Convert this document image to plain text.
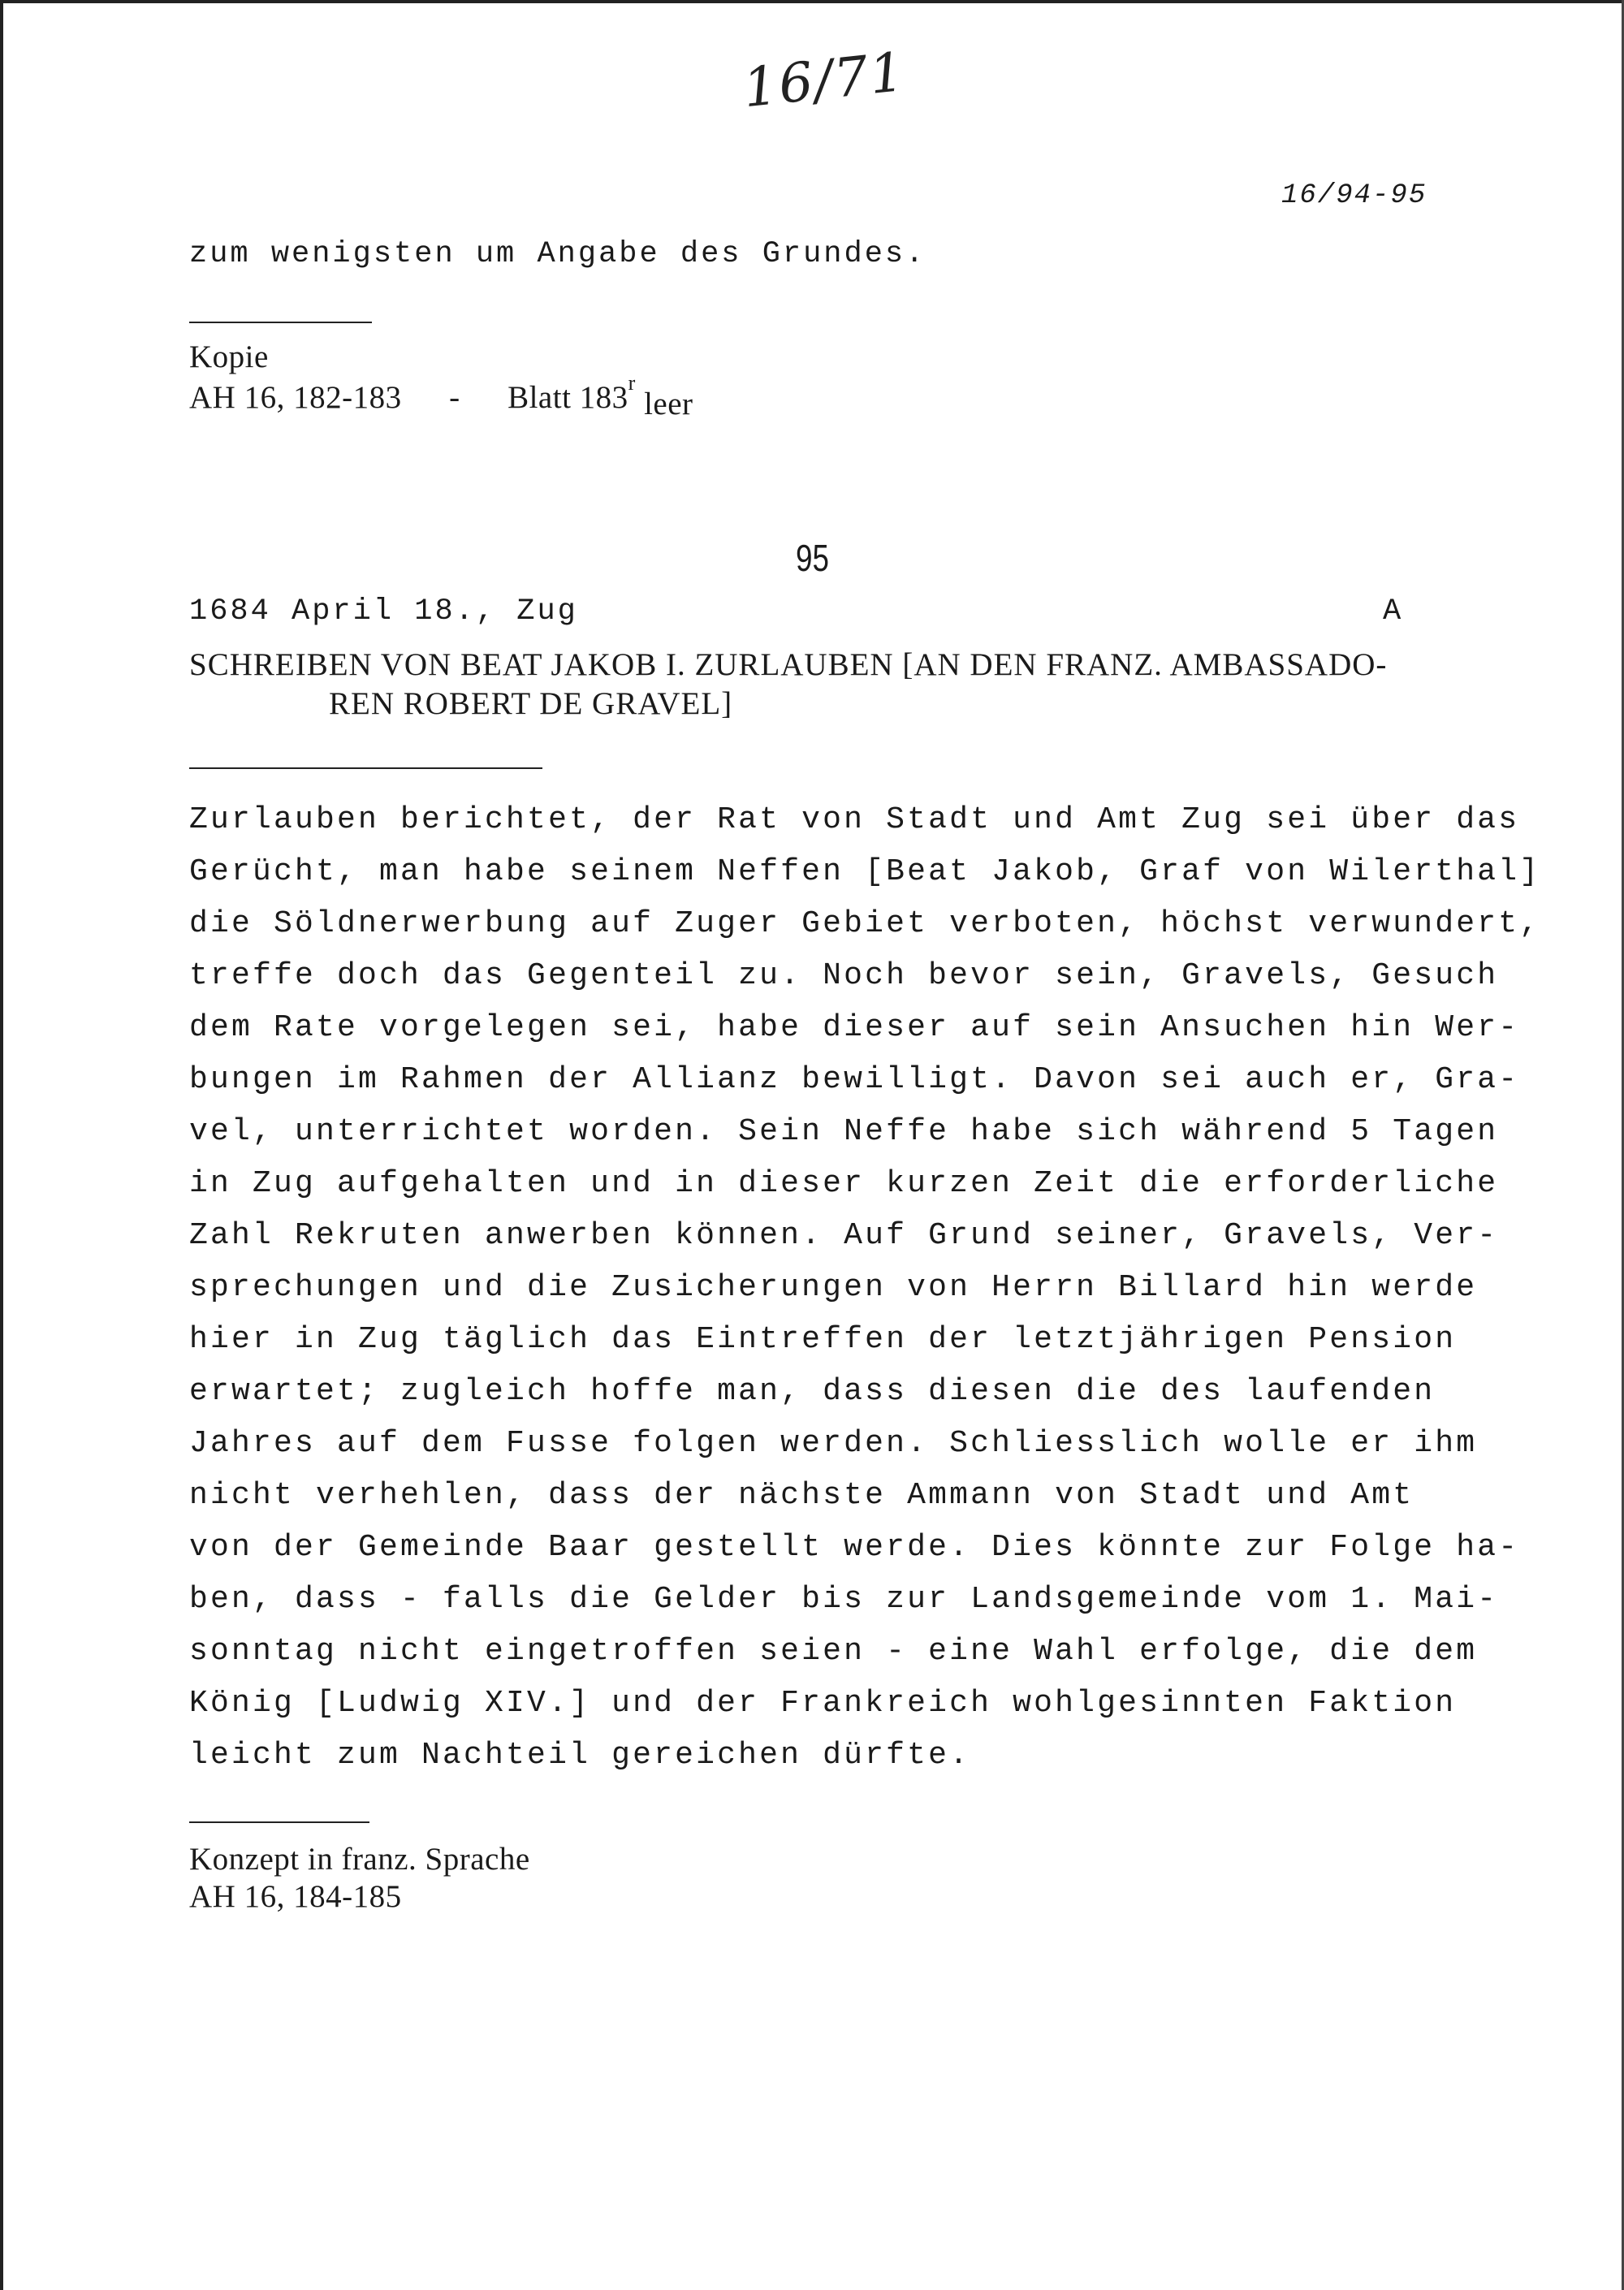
16/71
16/94-95
zum wenigsten um Angabe des Grundes.
Kopie
AH 16, 182-183 - Blatt 183$^r$ leer
95
1684 April 18., Zug	A
SCHREIBEN VON BEAT JAKOB I. ZURLAUBEN [AN DEN FRANZ. AMBASSADO-
REN ROBERT DE GRAVEL]
Zurlauben berichtet, der Rat von Stadt und Amt Zug sei über das
Gerücht, man habe seinem Neffen [Beat Jakob, Graf von Wilerthal]
die Söldnerwerbung auf Zuger Gebiet verboten, höchst verwundert,
treffe doch das Gegenteil zu. Noch bevor sein, Gravels, Gesuch
dem Rate vorgelegen sei, habe dieser auf sein Ansuchen hin Wer-
bungen im Rahmen der Allianz bewilligt. Davon sei auch er, Gra-
vel, unterrichtet worden. Sein Neffe habe sich während 5 Tagen
in Zug aufgehalten und in dieser kurzen Zeit die erforderliche
Zahl Rekruten anwerben können. Auf Grund seiner, Gravels, Ver-
sprechungen und die Zusicherungen von Herrn Billard hin werde
hier in Zug täglich das Eintreffen der letztjährigen Pension
erwartet; zugleich hoffe man, dass diesen die des laufenden
Jahres auf dem Fusse folgen werden. Schliesslich wolle er ihm
nicht verhehlen, dass der nächste Ammann von Stadt und Amt
von der Gemeinde Baar gestellt werde. Dies könnte zur Folge ha-
ben, dass - falls die Gelder bis zur Landsgemeinde vom 1. Mai-
sonntag nicht eingetroffen seien - eine Wahl erfolge, die dem
König [Ludwig XIV.] und der Frankreich wohlgesinnten Faktion
leicht zum Nachteil gereichen dürfte.
Konzept in franz. Sprache
AH 16, 184-185
